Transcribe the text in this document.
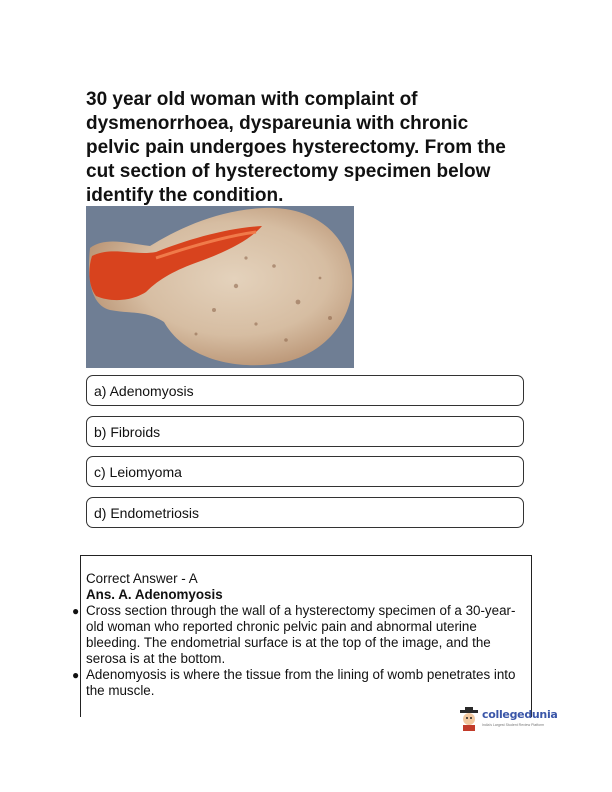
30 year old woman with complaint of dysmenorrhoea, dyspareunia with chronic pelvic pain undergoes hysterectomy. From the cut section of hysterectomy specimen below identify the condition.
a) Adenomyosis
b) Fibroids
c) Leiomyoma
d) Endometriosis

Correct Answer - A

Ans. A. Adenomyosis

● Cross section through the wall of a hysterectomy specimen of a 30-year-old woman who reported chronic pelvic pain and abnormal uterine bleeding. The endometrial surface is at the top of the image, and the serosa is at the bottom.
● Adenomyosis is where the tissue from the lining of womb penetrates into the muscle.
collegedunia
India's Largest Student Review Platform
